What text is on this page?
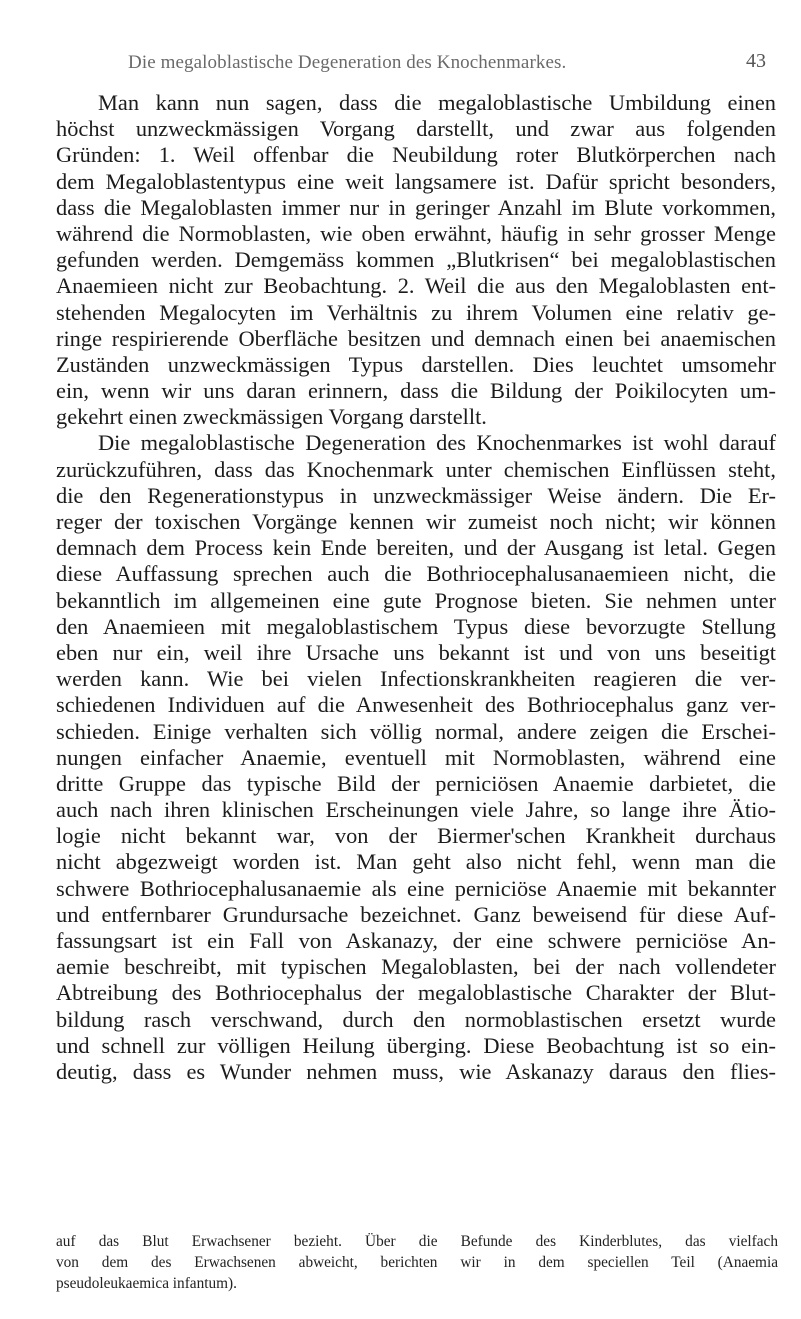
Die megaloblastische Degeneration des Knochenmarkes.	43
Man kann nun sagen, dass die megaloblastische Umbildung einen
höchst unzweckmässigen Vorgang darstellt, und zwar aus folgenden
Gründen: 1. Weil offenbar die Neubildung roter Blutkörperchen nach
dem Megaloblastentypus eine weit langsamere ist. Dafür spricht besonders,
dass die Megaloblasten immer nur in geringer Anzahl im Blute vorkommen,
während die Normoblasten, wie oben erwähnt, häufig in sehr grosser Menge
gefunden werden. Demgemäss kommen „Blutkrisen“ bei megaloblastischen
Anaemieen nicht zur Beobachtung. 2. Weil die aus den Megaloblasten ent-
stehenden Megalocyten im Verhältnis zu ihrem Volumen eine relativ ge-
ringe respirierende Oberfläche besitzen und demnach einen bei anaemischen
Zuständen unzweckmässigen Typus darstellen. Dies leuchtet umsomehr
ein, wenn wir uns daran erinnern, dass die Bildung der Poikilocyten um-
gekehrt einen zweckmässigen Vorgang darstellt.
Die megaloblastische Degeneration des Knochenmarkes ist wohl darauf
zurückzuführen, dass das Knochenmark unter chemischen Einflüssen steht,
die den Regenerationstypus in unzweckmässiger Weise ändern. Die Er-
reger der toxischen Vorgänge kennen wir zumeist noch nicht; wir können
demnach dem Process kein Ende bereiten, und der Ausgang ist letal. Gegen
diese Auffassung sprechen auch die Bothriocephalusanaemieen nicht, die
bekanntlich im allgemeinen eine gute Prognose bieten. Sie nehmen unter
den Anaemieen mit megaloblastischem Typus diese bevorzugte Stellung
eben nur ein, weil ihre Ursache uns bekannt ist und von uns beseitigt
werden kann. Wie bei vielen Infectionskrankheiten reagieren die ver-
schiedenen Individuen auf die Anwesenheit des Bothriocephalus ganz ver-
schieden. Einige verhalten sich völlig normal, andere zeigen die Erschei-
nungen einfacher Anaemie, eventuell mit Normoblasten, während eine
dritte Gruppe das typische Bild der perniciösen Anaemie darbietet, die
auch nach ihren klinischen Erscheinungen viele Jahre, so lange ihre Ätio-
logie nicht bekannt war, von der Biermer'schen Krankheit durchaus
nicht abgezweigt worden ist. Man geht also nicht fehl, wenn man die
schwere Bothriocephalusanaemie als eine perniciöse Anaemie mit bekannter
und entfernbarer Grundursache bezeichnet. Ganz beweisend für diese Auf-
fassungsart ist ein Fall von Askanazy, der eine schwere perniciöse An-
aemie beschreibt, mit typischen Megaloblasten, bei der nach vollendeter
Abtreibung des Bothriocephalus der megaloblastische Charakter der Blut-
bildung rasch verschwand, durch den normoblastischen ersetzt wurde
und schnell zur völligen Heilung überging. Diese Beobachtung ist so ein-
deutig, dass es Wunder nehmen muss, wie Askanazy daraus den flies-
auf das Blut Erwachsener bezieht. Über die Befunde des Kinderblutes, das vielfach
von dem des Erwachsenen abweicht, berichten wir in dem speciellen Teil (Anaemia
pseudoleukaemica infantum).
